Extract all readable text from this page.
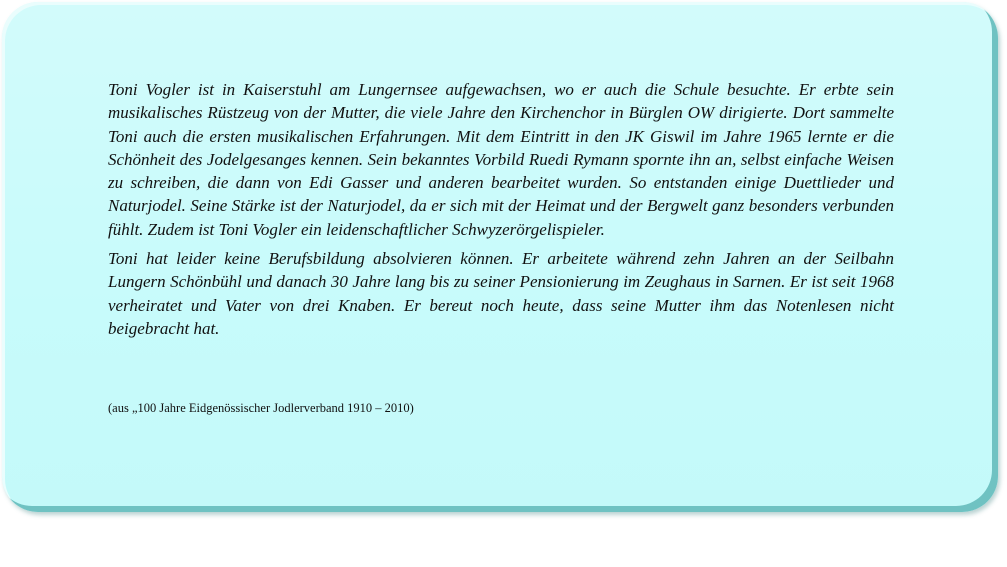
Toni Vogler ist in Kaiserstuhl am Lungernsee aufgewachsen, wo er auch die Schule besuchte. Er erbte sein musikalisches Rüstzeug von der Mutter, die viele Jahre den Kirchenchor in Bürglen OW dirigierte. Dort sammelte Toni auch die ersten musikalischen Erfahrungen. Mit dem Eintritt in den JK Giswil im Jahre 1965 lernte er die Schönheit des Jodelgesanges kennen. Sein bekanntes Vorbild Ruedi Rymann spornte ihn an, selbst einfache Weisen zu schreiben, die dann von Edi Gasser und anderen bearbeitet wurden. So entstanden einige Duettlieder und Naturjodel. Seine Stärke ist der Naturjodel, da er sich mit der Heimat und der Bergwelt ganz besonders verbunden fühlt. Zudem ist Toni Vogler ein leidenschaftlicher Schwyzerörgelispieler.

Toni hat leider keine Berufsbildung absolvieren können. Er arbeitete während zehn Jahren an der Seilbahn Lungern Schönbühl und danach 30 Jahre lang bis zu seiner Pensionierung im Zeughaus in Sarnen. Er ist seit 1968 verheiratet und Vater von drei Knaben. Er bereut noch heute, dass seine Mutter ihm das Notenlesen nicht beigebracht hat.

(aus „100 Jahre Eidgenössischer Jodlerverband 1910 – 2010)
